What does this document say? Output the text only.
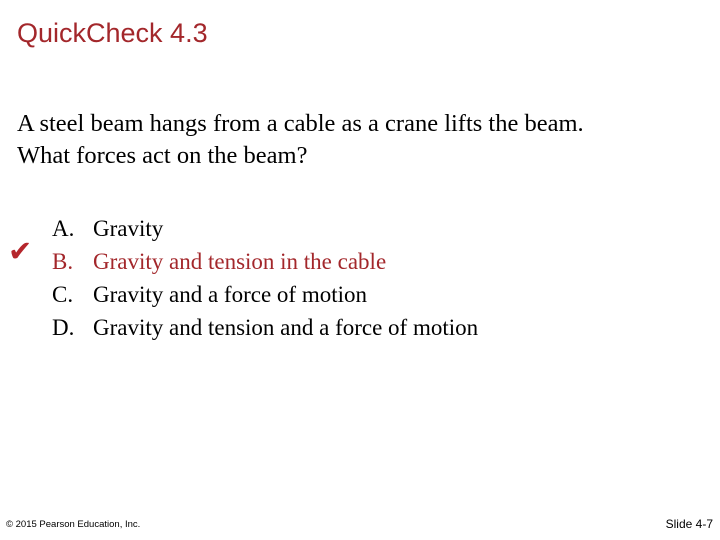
QuickCheck 4.3
A steel beam hangs from a cable as a crane lifts the beam.
What forces act on the beam?
✔
A. Gravity
B. Gravity and tension in the cable
C. Gravity and a force of motion
D. Gravity and tension and a force of motion
© 2015 Pearson Education, Inc.	Slide 4-7
